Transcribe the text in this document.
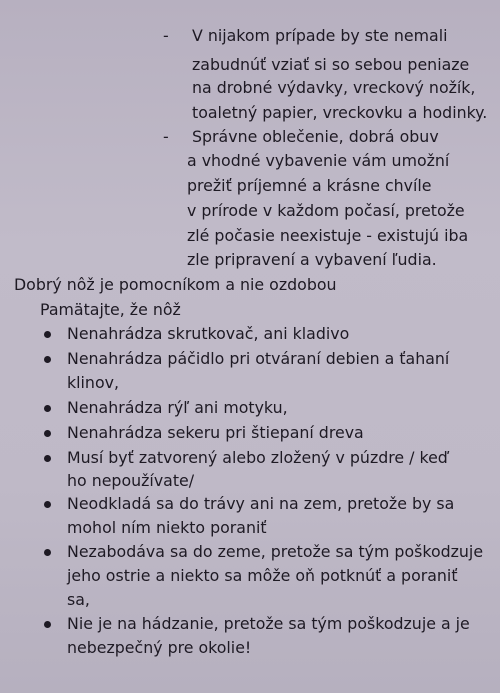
- V nijakom prípade by ste nemali
zabudnúť vziať si so sebou peniaze
na drobné výdavky, vreckový nožík,
toaletný papier, vreckovku a hodinky.
- Správne oblečenie, dobrá obuv
a vhodné vybavenie vám umožní
prežiť príjemné a krásne chvíle
v prírode v každom počasí, pretože
zlé počasie neexistuje - existujú iba
zle pripravení a vybavení ľudia.
Dobrý nôž je pomocníkom a nie ozdobou
Pamätajte, že nôž
Nenahrádza skrutkovač, ani kladivo
Nenahrádza páčidlo pri otváraní debien a ťahaní
klinov,
Nenahrádza rýľ ani motyku,
Nenahrádza sekeru pri štiepaní dreva
Musí byť zatvorený alebo zložený v púzdre / keď
ho nepoužívate/
Neodkladá sa do trávy ani na zem, pretože by sa
mohol ním niekto poraniť
Nezabodáva sa do zeme, pretože sa tým poškodzuje
jeho ostrie a niekto sa môže oň potknúť a poraniť
sa,
Nie je na hádzanie, pretože sa tým poškodzuje a je
nebezpečný pre okolie!
